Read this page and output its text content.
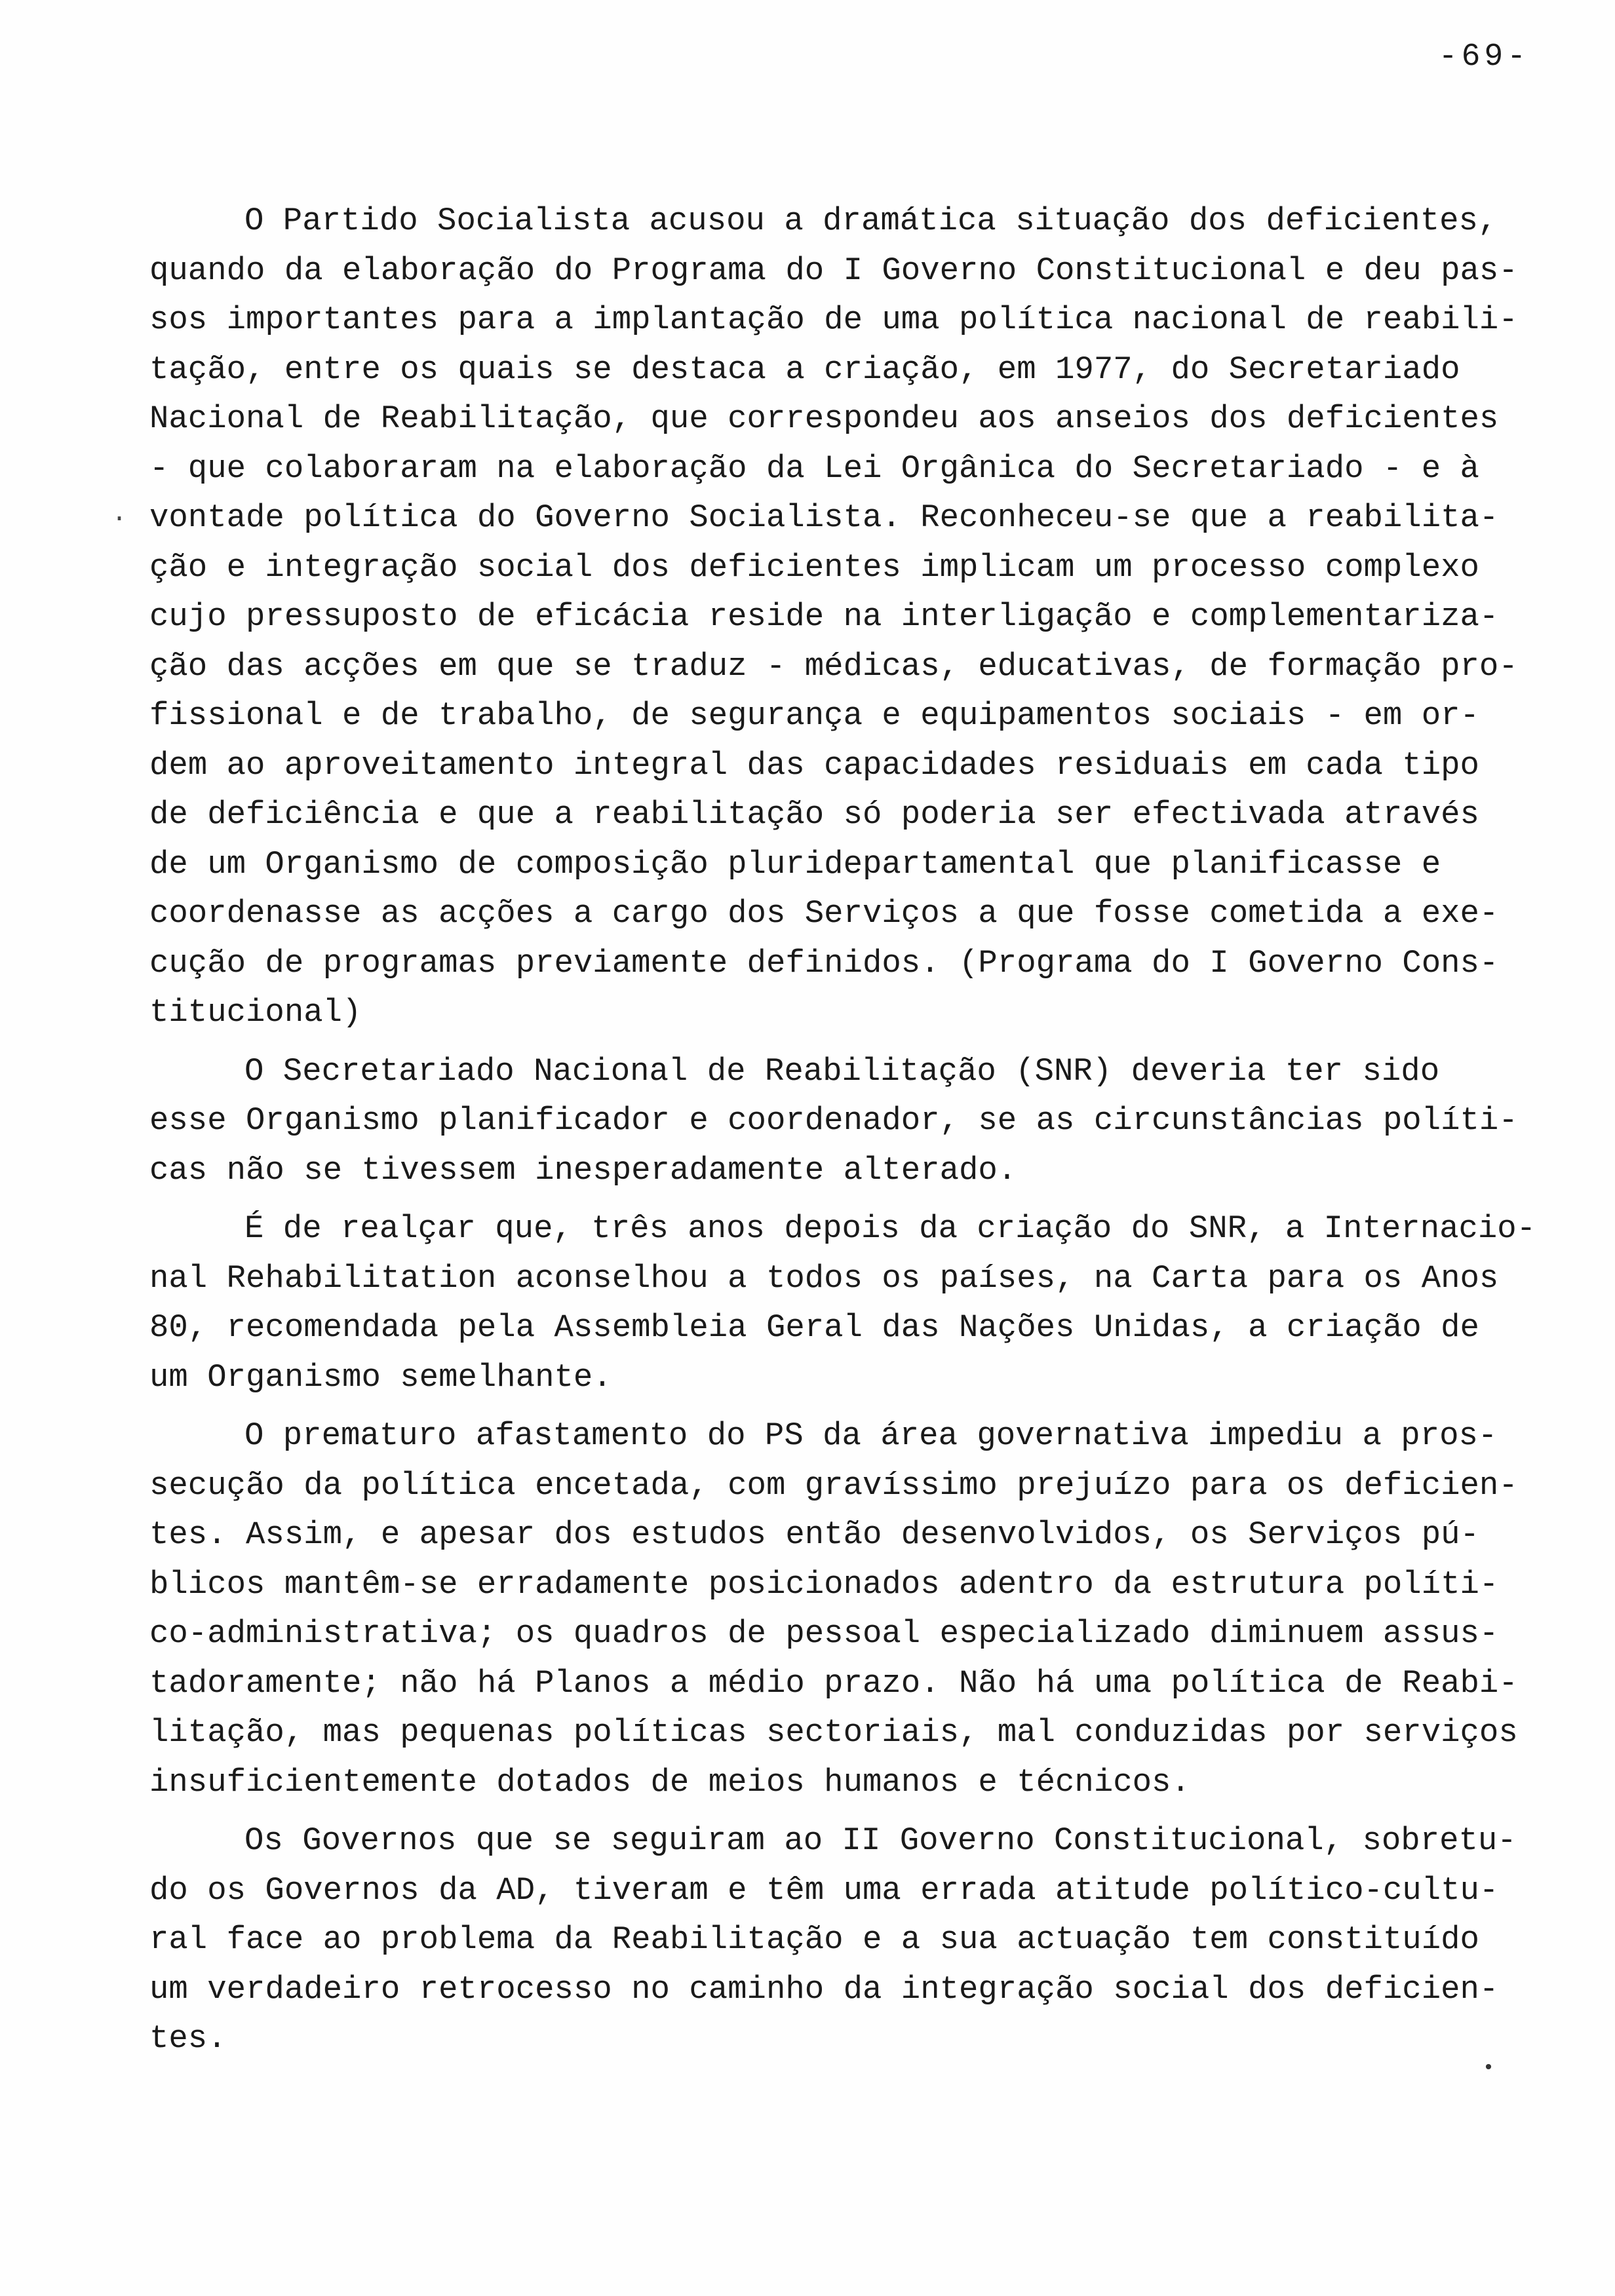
-69-
·
O Partido Socialista acusou a dramática situação dos deficientes,
quando da elaboração do Programa do I Governo Constitucional e deu pas-
sos importantes para a implantação de uma política nacional de reabili-
tação, entre os quais se destaca a criação, em 1977, do Secretariado
Nacional de Reabilitação, que correspondeu aos anseios dos deficientes
- que colaboraram na elaboração da Lei Orgânica do Secretariado - e à
vontade política do Governo Socialista. Reconheceu-se que a reabilita-
ção e integração social dos deficientes implicam um processo complexo
cujo pressuposto de eficácia reside na interligação e complementariza-
ção das acções em que se traduz - médicas, educativas, de formação pro-
fissional e de trabalho, de segurança e equipamentos sociais - em or-
dem ao aproveitamento integral das capacidades residuais em cada tipo
de deficiência e que a reabilitação só poderia ser efectivada através
de um Organismo de composição pluridepartamental que planificasse e
coordenasse as acções a cargo dos Serviços a que fosse cometida a exe-
cução de programas previamente definidos. (Programa do I Governo Cons-
titucional)
O Secretariado Nacional de Reabilitação (SNR) deveria ter sido
esse Organismo planificador e coordenador, se as circunstâncias políti-
cas não se tivessem inesperadamente alterado.
É de realçar que, três anos depois da criação do SNR, a Internacio-
nal Rehabilitation aconselhou a todos os países, na Carta para os Anos
80, recomendada pela Assembleia Geral das Nações Unidas, a criação de
um Organismo semelhante.
O prematuro afastamento do PS da área governativa impediu a pros-
secução da política encetada, com gravíssimo prejuízo para os deficien-
tes. Assim, e apesar dos estudos então desenvolvidos, os Serviços pú-
blicos mantêm-se erradamente posicionados adentro da estrutura políti-
co-administrativa; os quadros de pessoal especializado diminuem assus-
tadoramente; não há Planos a médio prazo. Não há uma política de Reabi-
litação, mas pequenas políticas sectoriais, mal conduzidas por serviços
insuficientemente dotados de meios humanos e técnicos.
Os Governos que se seguiram ao II Governo Constitucional, sobretu-
do os Governos da AD, tiveram e têm uma errada atitude político-cultu-
ral face ao problema da Reabilitação e a sua actuação tem constituído
um verdadeiro retrocesso no caminho da integração social dos deficien-
tes.
•
